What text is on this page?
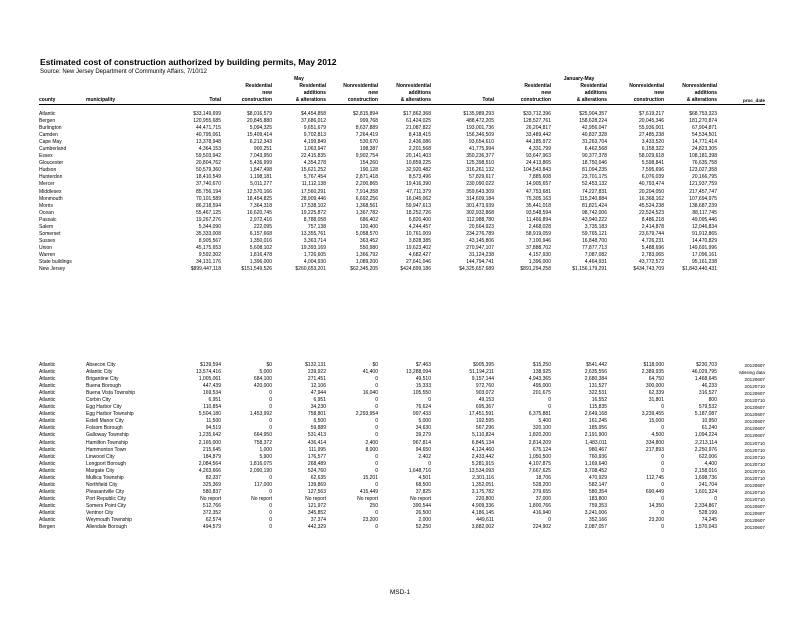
Estimated cost of construction authorized by building permits, May 2012
Source: New Jersey Department of Community Affairs, 7/10/12
				May					January-May			
			Residential	Residential	Nonresidential	Nonresidential		Residential	Residential	Nonresidential	Nonresidential	
			new	additions	new	additions		new	additions	new	additions	
county	municipality	Total	construction	& alterations	construction	& alterations	Total	construction	& alterations	construction	& alterations	proc_date
Atlantic		$33,149,699	$8,016,579	$4,454,858	$2,815,894	$17,862,368	$135,989,293	$33,712,396	$25,904,357	$7,619,217	$68,753,323	
Bergen		120,955,685	20,845,880	37,686,012	999,768	61,424,025	488,472,205	128,527,761	158,628,224	20,045,346	181,270,874	
Burlington		44,471,715	5,094,325	9,651,679	8,637,889	21,087,822	193,001,736	26,204,817	42,956,047	55,936,001	67,904,871	
Camden		40,795,061	15,409,414	9,702,813	7,264,419	8,418,415	156,346,509	33,489,442	40,837,328	27,485,238	54,534,501	
Cape May		13,378,948	6,212,343	4,199,849	530,670	2,436,086	93,654,610	44,185,972	31,263,704	3,433,520	14,771,414	
Cumberland		4,364,153	900,251	1,063,947	198,387	2,201,568	41,775,994	4,331,799	6,462,568	6,158,322	24,823,305	
Essex		59,503,942	7,043,950	22,415,835	9,902,754	20,141,403	350,236,377	93,647,963	90,377,378	58,029,618	108,181,398	
Gloucester		20,804,762	5,436,999	4,354,278	154,260	10,859,225	125,398,510	24,413,865	18,750,046	5,598,841	76,635,758	
Hudson		50,579,360	1,847,498	15,621,252	190,128	32,920,482	316,261,132	104,543,843	81,094,235	7,595,696	123,027,358	
Hunterdon		18,410,549	1,198,181	5,767,454	2,871,418	8,573,496	57,829,617	7,885,608	23,701,175	6,076,039	20,166,795	
Mercer		37,740,670	5,011,277	11,112,138	2,200,865	19,416,390	230,090,022	14,905,657	52,453,132	40,793,474	121,937,759	
Middlesex		85,756,194	12,570,166	17,560,291	7,914,358	47,711,379	359,643,309	47,753,681	74,227,831	20,204,050	217,457,747	
Monmouth		70,101,589	18,454,825	28,909,446	6,692,256	16,045,062	314,609,184	75,305,163	115,240,884	16,368,162	107,694,975	
Morris		86,218,594	7,364,318	17,538,102	1,368,561	59,947,613	301,473,939	35,441,018	81,821,424	45,524,238	138,687,239	
Ocean		55,467,125	16,620,745	19,225,872	1,367,782	18,252,726	302,932,868	93,548,594	98,742,006	22,524,523	88,117,745	
Passaic		19,267,276	2,972,416	8,788,058	686,402	6,820,400	112,988,780	11,466,894	43,940,222	8,486,218	49,095,446	
Salem		5,344,090	222,095	757,138	120,400	4,244,457	20,664,923	2,468,028	3,735,183	2,414,878	12,046,834	
Somerset		35,333,008	6,157,668	13,355,761	5,058,570	10,761,009	234,276,789	58,919,059	59,765,121	23,679,744	91,912,865	
Sussex		8,905,567	1,350,016	3,363,714	363,452	3,828,385	43,145,806	7,100,946	16,848,700	4,726,231	14,470,829	
Union		45,175,653	5,608,102	19,393,169	550,980	19,623,402	270,947,107	37,888,702	77,877,713	5,488,696	149,691,996	
Warren		9,592,302	1,816,478	1,726,605	1,366,792	4,682,427	31,124,238	4,157,930	7,087,082	2,783,065	17,096,161	
State buildings		34,131,176	1,396,000	4,004,930	1,089,200	27,641,046	144,794,741	1,396,000	4,464,931	43,772,572	95,161,238	
New Jersey		$899,447,118	$151,549,526	$260,653,201	$62,345,205	$424,899,186	$4,325,657,689	$891,294,258	$1,156,179,291	$434,743,709	$1,843,440,431	
Atlantic	Absecon City	$139,594	$0	$132,131	$0	$7,463	$905,395	$15,250	$541,442	$118,000	$230,703	20120607
Atlantic	Atlantic City	13,574,416	5,000	239,922	41,400	13,288,094	51,194,211	138,925	2,635,556	2,389,935	46,029,795	Missing data
Atlantic	Brigantine City	1,005,061	684,100	271,451	0	49,510	9,157,144	4,943,365	2,680,384	64,750	1,468,645	20120607
Atlantic	Buena Borough	447,439	420,000	12,106	0	15,333	972,760	495,000	131,527	300,000	46,233	20120710
Atlantic	Buena Vista Township	169,534	0	47,944	16,040	105,550	903,072	201,675	322,531	62,339	316,527	20120607
Atlantic	Corbin City	6,951	0	6,951	0	0	49,153	0	16,552	31,801	800	20120710
Atlantic	Egg Harbor City	110,854	0	34,230	0	76,624	695,367	0	115,835	0	579,532	20120607
Atlantic	Egg Harbor Township	5,504,180	1,453,992	758,801	2,293,954	997,433	17,451,591	6,375,881	2,649,168	3,239,455	5,187,087	20120607
Atlantic	Estell Manor City	11,500	0	6,500	0	5,000	192,595	5,400	161,245	15,000	10,950	20120607
Atlantic	Folsom Borough	94,519	0	59,889	0	34,630	567,296	320,100	185,956	0	61,240	20120607
Atlantic	Galloway Township	1,235,642	664,950	531,413	0	39,279	5,110,824	1,820,200	2,191,900	4,500	1,094,224	20120607
Atlantic	Hamilton Township	2,165,000	758,372	436,414	2,400	967,814	6,845,134	2,814,209	1,483,011	334,800	2,213,114	20120710
Atlantic	Hammonton Town	215,645	1,000	111,995	8,000	94,650	4,124,460	675,124	980,467	217,893	2,250,976	20120710
Atlantic	Linwood City	184,879	5,900	176,577	0	2,402	2,433,442	1,050,500	760,936	0	622,006	20120710
Atlantic	Longport Borough	2,084,564	1,816,075	268,489	0	0	5,281,915	4,107,875	1,169,640	0	4,400	20120710
Atlantic	Margate City	4,263,666	2,090,190	524,760	0	1,648,716	13,534,093	7,667,625	3,708,452	0	2,158,016	20120710
Atlantic	Mullica Township	82,337	0	62,635	15,201	4,501	2,301,116	18,706	470,929	112,745	1,698,736	20120710
Atlantic	Northfield City	325,369	117,000	139,869	0	68,500	1,352,051	528,200	582,147	0	241,704	20120607
Atlantic	Pleasantville City	580,837	0	127,563	415,449	37,825	3,175,782	279,655	580,354	690,449	1,601,324	20120710
Atlantic	Port Republic City	No report	No report	No report	No report	No report	220,800	37,000	183,800	0	0	20120710
Atlantic	Somers Point City	512,766	0	121,972	250	390,544	4,909,336	1,800,766	759,353	14,350	2,334,867	20120607
Atlantic	Ventnor City	372,352	0	345,852	0	26,500	4,186,145	416,940	3,241,006	0	528,199	20120607
Atlantic	Weymouth Township	62,574	0	37,374	23,200	2,000	449,611	0	352,166	23,200	74,245	20120607
Bergen	Allendale Borough	494,579	0	442,329	0	52,250	3,882,002	224,902	2,087,057	0	1,570,043	20120607
MSD-1
